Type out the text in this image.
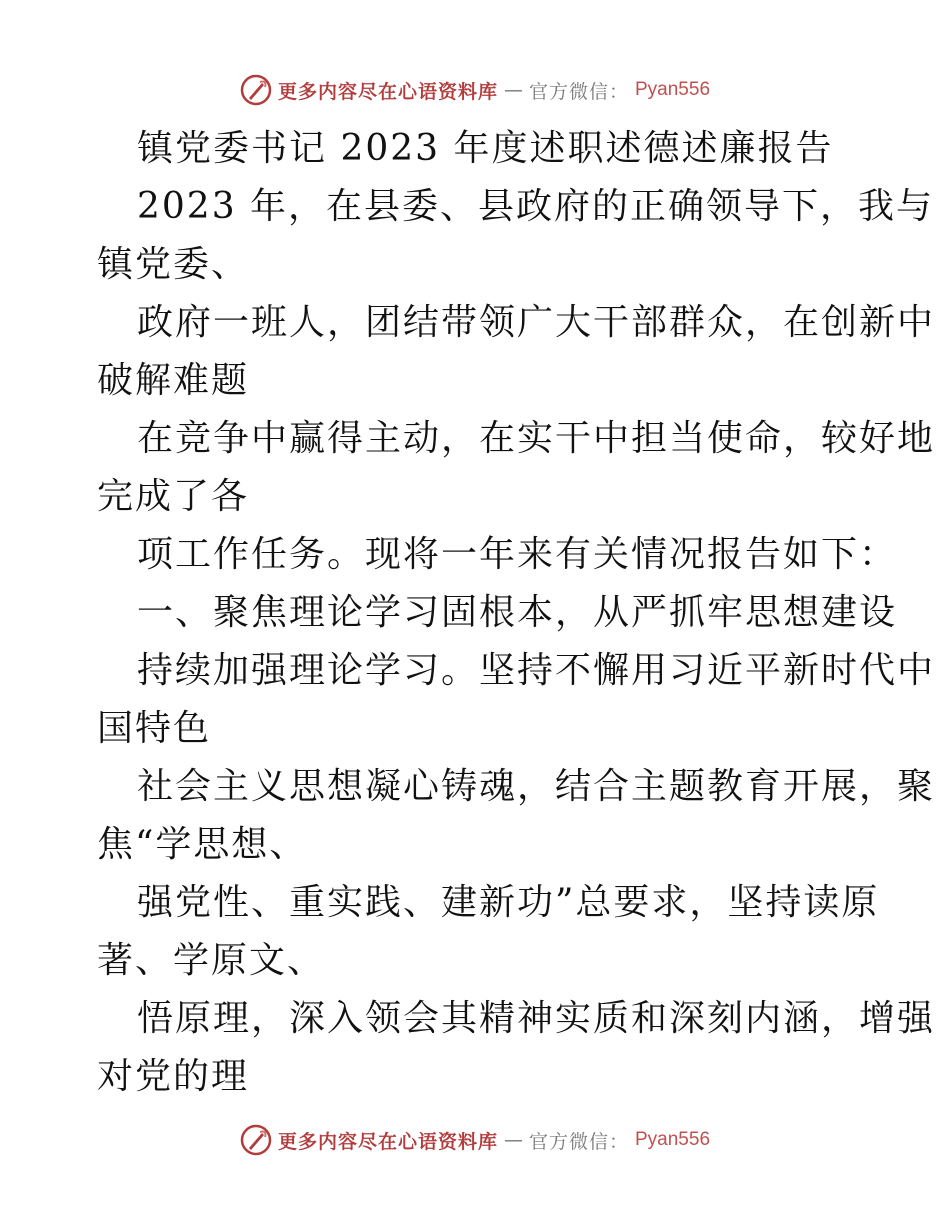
更多内容尽在心语资料库 — 官方微信： Pyan556
镇党委书记 2023 年度述职述德述廉报告
2023 年，在县委、县政府的正确领导下，我与
镇党委、
政府一班人，团结带领广大干部群众，在创新中
破解难题
在竞争中赢得主动，在实干中担当使命，较好地
完成了各
项工作任务。现将一年来有关情况报告如下：
一、聚焦理论学习固根本，从严抓牢思想建设
持续加强理论学习。坚持不懈用习近平新时代中
国特色
社会主义思想凝心铸魂，结合主题教育开展，聚
焦“学思想、
强党性、重实践、建新功”总要求，坚持读原
著、学原文、
悟原理，深入领会其精神实质和深刻内涵，增强
对党的理
更多内容尽在心语资料库 — 官方微信： Pyan556
